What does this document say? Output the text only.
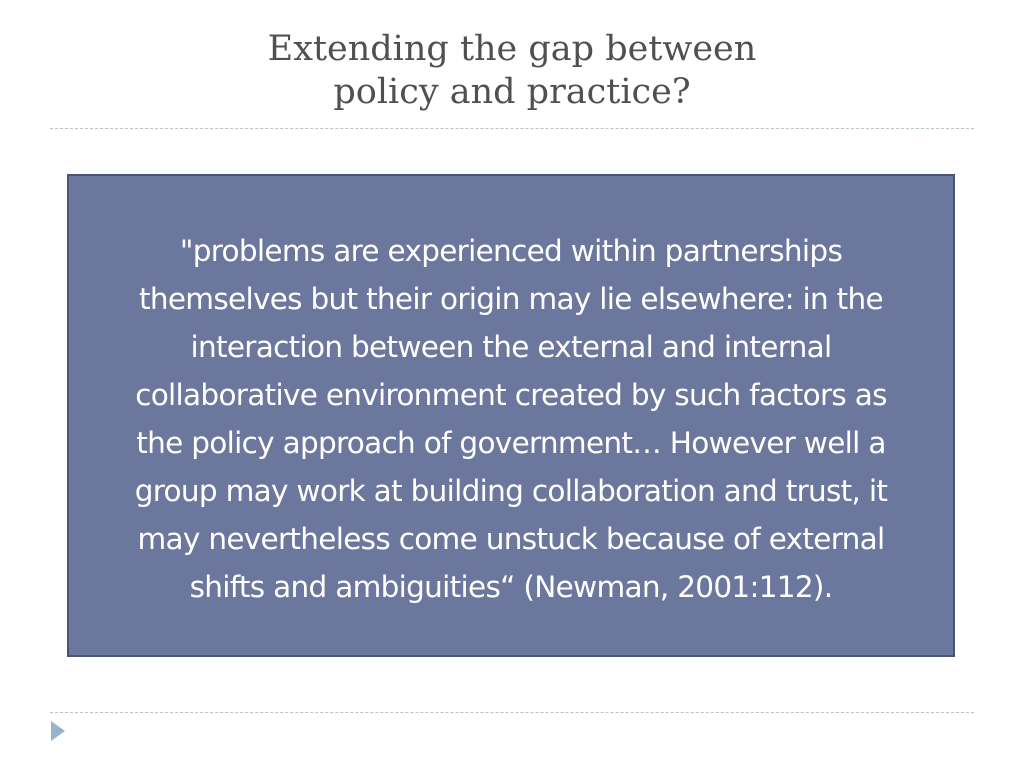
Extending the gap between
policy and practice?
"problems are experienced within partnerships
themselves but their origin may lie elsewhere: in the
interaction between the external and internal
collaborative environment created by such factors as
the policy approach of government… However well a
group may work at building collaboration and trust, it
may nevertheless come unstuck because of external
shifts and ambiguities“ (Newman, 2001:112).
